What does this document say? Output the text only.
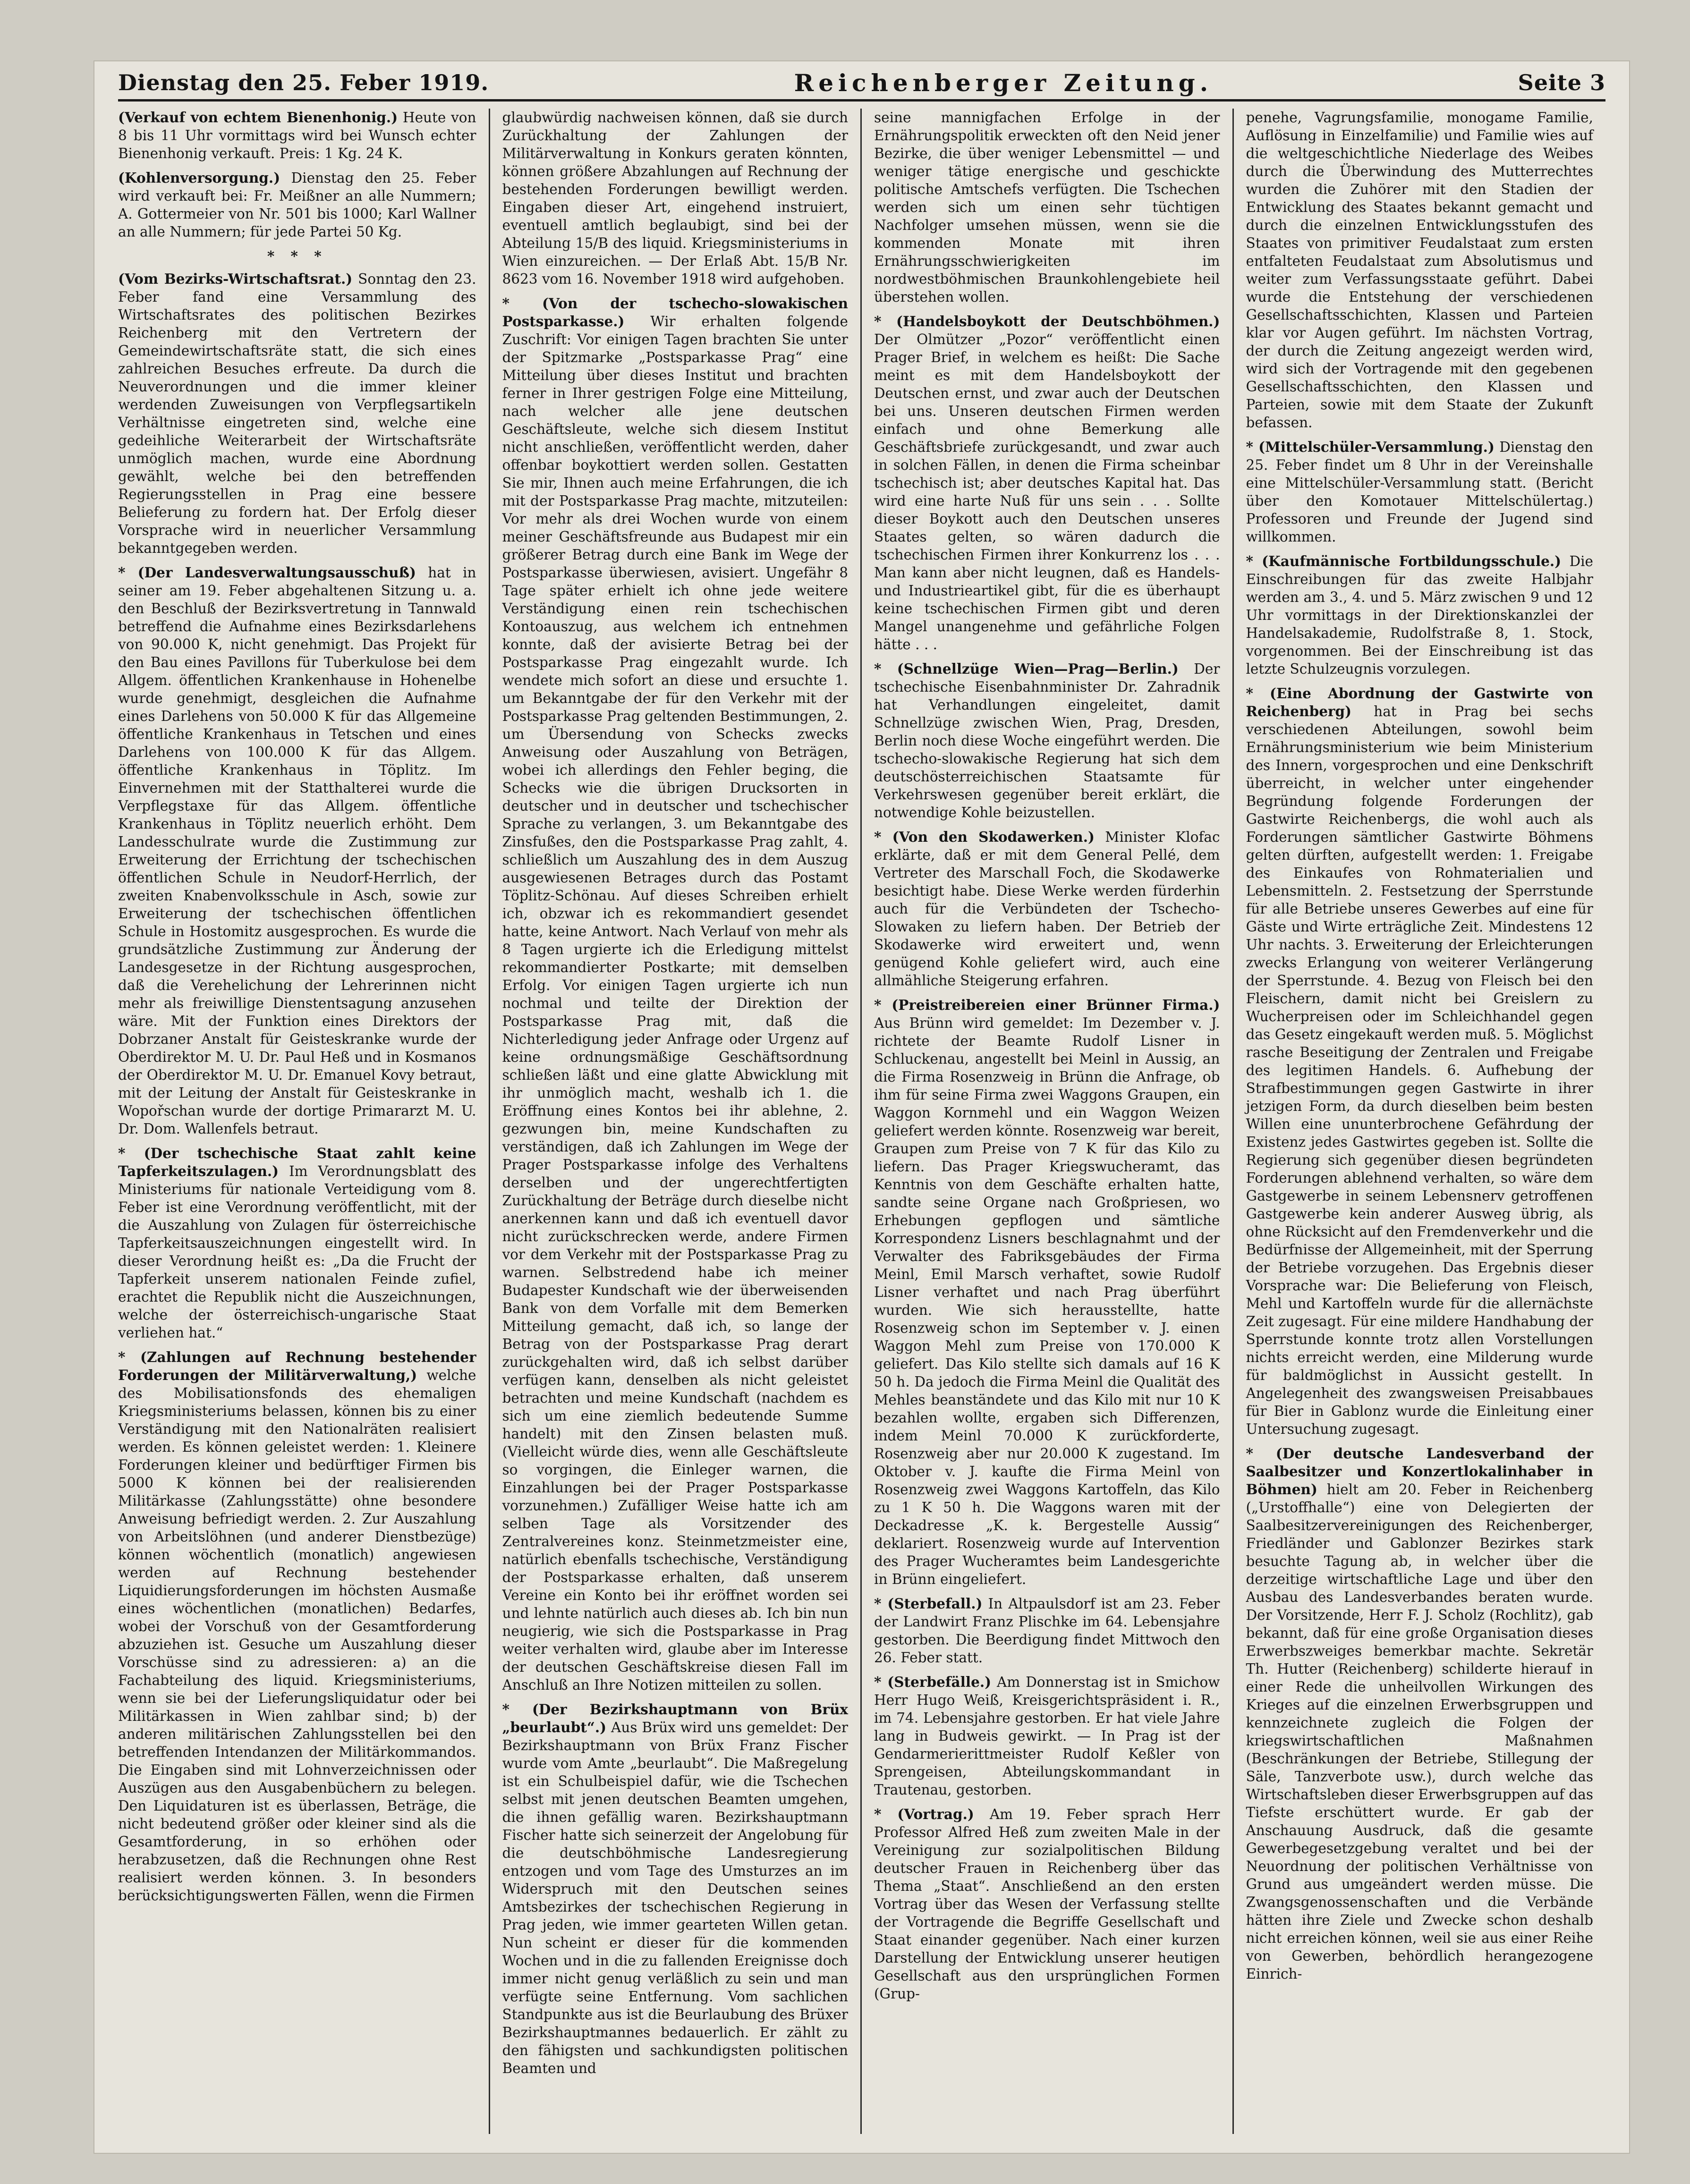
Dienstag den 25. Feber 1919.	Reichenberger Zeitung.	Seite 3

(Verkauf von echtem Bienenhonig.) Heute von 8 bis 11 Uhr vormittags wird bei Wunsch echter Bienenhonig verkauft. Preis: 1 Kg. 24 K.

(Kohlenversorgung.) Dienstag den 25. Feber wird verkauft bei: Fr. Meißner an alle Nummern; A. Gottermeier von Nr. 501 bis 1000; Karl Wallner an alle Nummern; für jede Partei 50 Kg.

* * *

(Vom Bezirks-Wirtschaftsrat.) Sonntag den 23. Feber fand eine Versammlung des Wirtschaftsrates des politischen Bezirkes Reichenberg mit den Vertretern der Gemeindewirtschaftsräte statt, die sich eines zahlreichen Besuches erfreute. Da durch die Neuverordnungen und die immer kleiner werdenden Zuweisungen von Verpflegsartikeln Verhältnisse eingetreten sind, welche eine gedeihliche Weiterarbeit der Wirtschaftsräte unmöglich machen, wurde eine Abordnung gewählt, welche bei den betreffenden Regierungsstellen in Prag eine bessere Belieferung zu fordern hat. Der Erfolg dieser Vorsprache wird in neuerlicher Versammlung bekanntgegeben werden.

* (Der Landesverwaltungsausschuß) hat in seiner am 19. Feber abgehaltenen Sitzung u. a. den Beschluß der Bezirksvertretung in Tannwald betreffend die Aufnahme eines Bezirksdarlehens von 90.000 K, nicht genehmigt. Das Projekt für den Bau eines Pavillons für Tuberkulose bei dem Allgem. öffentlichen Krankenhause in Hohenelbe wurde genehmigt, desgleichen die Aufnahme eines Darlehens von 50.000 K für das Allgemeine öffentliche Krankenhaus in Tetschen und eines Darlehens von 100.000 K für das Allgem. öffentliche Krankenhaus in Töplitz. Im Einvernehmen mit der Statthalterei wurde die Verpflegstaxe für das Allgem. öffentliche Krankenhaus in Töplitz neuerlich erhöht. Dem Landesschulrate wurde die Zustimmung zur Erweiterung der Errichtung der tschechischen öffentlichen Schule in Neudorf-Herrlich, der zweiten Knabenvolksschule in Asch, sowie zur Erweiterung der tschechischen öffentlichen Schule in Hostomitz ausgesprochen. Es wurde die grundsätzliche Zustimmung zur Änderung der Landesgesetze in der Richtung ausgesprochen, daß die Verehelichung der Lehrerinnen nicht mehr als freiwillige Dienstentsagung anzusehen wäre. Mit der Funktion eines Direktors der Dobrzaner Anstalt für Geisteskranke wurde der Oberdirektor M. U. Dr. Paul Heß und in Kosmanos der Oberdirektor M. U. Dr. Emanuel Kovy betraut, mit der Leitung der Anstalt für Geisteskranke in Wopořschan wurde der dortige Primararzt M. U. Dr. Dom. Wallenfels betraut.

* (Der tschechische Staat zahlt keine Tapferkeitszulagen.) Im Verordnungsblatt des Ministeriums für nationale Verteidigung vom 8. Feber ist eine Verordnung veröffentlicht, mit der die Auszahlung von Zulagen für österreichische Tapferkeitsauszeichnungen eingestellt wird. In dieser Verordnung heißt es: „Da die Frucht der Tapferkeit unserem nationalen Feinde zufiel, erachtet die Republik nicht die Auszeichnungen, welche der österreichisch-ungarische Staat verliehen hat.“

* (Zahlungen auf Rechnung bestehender Forderungen der Militärverwaltung,) welche des Mobilisationsfonds des ehemaligen Kriegsministeriums belassen, können bis zu einer Verständigung mit den Nationalräten realisiert werden. Es können geleistet werden: 1. Kleinere Forderungen kleiner und bedürftiger Firmen bis 5000 K können bei der realisierenden Militärkasse (Zahlungsstätte) ohne besondere Anweisung befriedigt werden. 2. Zur Auszahlung von Arbeitslöhnen (und anderer Dienstbezüge) können wöchentlich (monatlich) angewiesen werden auf Rechnung bestehender Liquidierungsforderungen im höchsten Ausmaße eines wöchentlichen (monatlichen) Bedarfes, wobei der Vorschuß von der Gesamtforderung abzuziehen ist. Gesuche um Auszahlung dieser Vorschüsse sind zu adressieren: a) an die Fachabteilung des liquid. Kriegsministeriums, wenn sie bei der Lieferungsliquidatur oder bei Militärkassen in Wien zahlbar sind; b) der anderen militärischen Zahlungsstellen bei den betreffenden Intendanzen der Militärkommandos. Die Eingaben sind mit Lohnverzeichnissen oder Auszügen aus den Ausgabenbüchern zu belegen. Den Liquidaturen ist es überlassen, Beträge, die nicht bedeutend größer oder kleiner sind als die Gesamtforderung, in so erhöhen oder herabzusetzen, daß die Rechnungen ohne Rest realisiert werden können. 3. In besonders berücksichtigungswerten Fällen, wenn die Firmen

glaubwürdig nachweisen können, daß sie durch Zurückhaltung der Zahlungen der Militärverwaltung in Konkurs geraten könnten, können größere Abzahlungen auf Rechnung der bestehenden Forderungen bewilligt werden. Eingaben dieser Art, eingehend instruiert, eventuell amtlich beglaubigt, sind bei der Abteilung 15/B des liquid. Kriegsministeriums in Wien einzureichen. — Der Erlaß Abt. 15/B Nr. 8623 vom 16. November 1918 wird aufgehoben.

* (Von der tschecho-slowakischen Postsparkasse.) Wir erhalten folgende Zuschrift: Vor einigen Tagen brachten Sie unter der Spitzmarke „Postsparkasse Prag“ eine Mitteilung über dieses Institut und brachten ferner in Ihrer gestrigen Folge eine Mitteilung, nach welcher alle jene deutschen Geschäftsleute, welche sich diesem Institut nicht anschließen, veröffentlicht werden, daher offenbar boykottiert werden sollen. Gestatten Sie mir, Ihnen auch meine Erfahrungen, die ich mit der Postsparkasse Prag machte, mitzuteilen: Vor mehr als drei Wochen wurde von einem meiner Geschäftsfreunde aus Budapest mir ein größerer Betrag durch eine Bank im Wege der Postsparkasse überwiesen, avisiert. Ungefähr 8 Tage später erhielt ich ohne jede weitere Verständigung einen rein tschechischen Kontoauszug, aus welchem ich entnehmen konnte, daß der avisierte Betrag bei der Postsparkasse Prag eingezahlt wurde. Ich wendete mich sofort an diese und ersuchte 1. um Bekanntgabe der für den Verkehr mit der Postsparkasse Prag geltenden Bestimmungen, 2. um Übersendung von Schecks zwecks Anweisung oder Auszahlung von Beträgen, wobei ich allerdings den Fehler beging, die Schecks wie die übrigen Drucksorten in deutscher und in deutscher und tschechischer Sprache zu verlangen, 3. um Bekanntgabe des Zinsfußes, den die Postsparkasse Prag zahlt, 4. schließlich um Auszahlung des in dem Auszug ausgewiesenen Betrages durch das Postamt Töplitz-Schönau. Auf dieses Schreiben erhielt ich, obzwar ich es rekommandiert gesendet hatte, keine Antwort. Nach Verlauf von mehr als 8 Tagen urgierte ich die Erledigung mittelst rekommandierter Postkarte; mit demselben Erfolg. Vor einigen Tagen urgierte ich nun nochmal und teilte der Direktion der Postsparkasse Prag mit, daß die Nichterledigung jeder Anfrage oder Urgenz auf keine ordnungsmäßige Geschäftsordnung schließen läßt und eine glatte Abwicklung mit ihr unmöglich macht, weshalb ich 1. die Eröffnung eines Kontos bei ihr ablehne, 2. gezwungen bin, meine Kundschaften zu verständigen, daß ich Zahlungen im Wege der Prager Postsparkasse infolge des Verhaltens derselben und der ungerechtfertigten Zurückhaltung der Beträge durch dieselbe nicht anerkennen kann und daß ich eventuell davor nicht zurückschrecken werde, andere Firmen vor dem Verkehr mit der Postsparkasse Prag zu warnen. Selbstredend habe ich meiner Budapester Kundschaft wie der überweisenden Bank von dem Vorfalle mit dem Bemerken Mitteilung gemacht, daß ich, so lange der Betrag von der Postsparkasse Prag derart zurückgehalten wird, daß ich selbst darüber verfügen kann, denselben als nicht geleistet betrachten und meine Kundschaft (nachdem es sich um eine ziemlich bedeutende Summe handelt) mit den Zinsen belasten muß. (Vielleicht würde dies, wenn alle Geschäftsleute so vorgingen, die Einleger warnen, die Einzahlungen bei der Prager Postsparkasse vorzunehmen.) Zufälliger Weise hatte ich am selben Tage als Vorsitzender des Zentralvereines konz. Steinmetzmeister eine, natürlich ebenfalls tschechische, Verständigung der Postsparkasse erhalten, daß unserem Vereine ein Konto bei ihr eröffnet worden sei und lehnte natürlich auch dieses ab. Ich bin nun neugierig, wie sich die Postsparkasse in Prag weiter verhalten wird, glaube aber im Interesse der deutschen Geschäftskreise diesen Fall im Anschluß an Ihre Notizen mitteilen zu sollen.

* (Der Bezirkshauptmann von Brüx „beurlaubt“.) Aus Brüx wird uns gemeldet: Der Bezirkshauptmann von Brüx Franz Fischer wurde vom Amte „beurlaubt“. Die Maßregelung ist ein Schulbeispiel dafür, wie die Tschechen selbst mit jenen deutschen Beamten umgehen, die ihnen gefällig waren. Bezirkshauptmann Fischer hatte sich seinerzeit der Angelobung für die deutschböhmische Landesregierung entzogen und vom Tage des Umsturzes an im Widerspruch mit den Deutschen seines Amtsbezirkes der tschechischen Regierung in Prag jeden, wie immer gearteten Willen getan. Nun scheint er dieser für die kommenden Wochen und in die zu fallenden Ereignisse doch immer nicht genug verläßlich zu sein und man verfügte seine Entfernung. Vom sachlichen Standpunkte aus ist die Beurlaubung des Brüxer Bezirkshauptmannes bedauerlich. Er zählt zu den fähigsten und sachkundigsten politischen Beamten und

seine mannigfachen Erfolge in der Ernährungspolitik erweckten oft den Neid jener Bezirke, die über weniger Lebensmittel — und weniger tätige energische und geschickte politische Amtschefs verfügten. Die Tschechen werden sich um einen sehr tüchtigen Nachfolger umsehen müssen, wenn sie die kommenden Monate mit ihren Ernährungsschwierigkeiten im nordwestböhmischen Braunkohlengebiete heil überstehen wollen.

* (Handelsboykott der Deutschböhmen.) Der Olmützer „Pozor“ veröffentlicht einen Prager Brief, in welchem es heißt: Die Sache meint es mit dem Handelsboykott der Deutschen ernst, und zwar auch der Deutschen bei uns. Unseren deutschen Firmen werden einfach und ohne Bemerkung alle Geschäftsbriefe zurückgesandt, und zwar auch in solchen Fällen, in denen die Firma scheinbar tschechisch ist; aber deutsches Kapital hat. Das wird eine harte Nuß für uns sein . . . Sollte dieser Boykott auch den Deutschen unseres Staates gelten, so wären dadurch die tschechischen Firmen ihrer Konkurrenz los . . . Man kann aber nicht leugnen, daß es Handels- und Industrieartikel gibt, für die es überhaupt keine tschechischen Firmen gibt und deren Mangel unangenehme und gefährliche Folgen hätte . . .

* (Schnellzüge Wien—Prag—Berlin.) Der tschechische Eisenbahnminister Dr. Zahradnik hat Verhandlungen eingeleitet, damit Schnellzüge zwischen Wien, Prag, Dresden, Berlin noch diese Woche eingeführt werden. Die tschecho-slowakische Regierung hat sich dem deutschösterreichischen Staatsamte für Verkehrswesen gegenüber bereit erklärt, die notwendige Kohle beizustellen.

* (Von den Skodawerken.) Minister Klofac erklärte, daß er mit dem General Pellé, dem Vertreter des Marschall Foch, die Skodawerke besichtigt habe. Diese Werke werden fürderhin auch für die Verbündeten der Tschecho-Slowaken zu liefern haben. Der Betrieb der Skodawerke wird erweitert und, wenn genügend Kohle geliefert wird, auch eine allmähliche Steigerung erfahren.

* (Preistreibereien einer Brünner Firma.) Aus Brünn wird gemeldet: Im Dezember v. J. richtete der Beamte Rudolf Lisner in Schluckenau, angestellt bei Meinl in Aussig, an die Firma Rosenzweig in Brünn die Anfrage, ob ihm für seine Firma zwei Waggons Graupen, ein Waggon Kornmehl und ein Waggon Weizen geliefert werden könnte. Rosenzweig war bereit, Graupen zum Preise von 7 K für das Kilo zu liefern. Das Prager Kriegswucheramt, das Kenntnis von dem Geschäfte erhalten hatte, sandte seine Organe nach Großpriesen, wo Erhebungen gepflogen und sämtliche Korrespondenz Lisners beschlagnahmt und der Verwalter des Fabriksgebäudes der Firma Meinl, Emil Marsch verhaftet, sowie Rudolf Lisner verhaftet und nach Prag überführt wurden. Wie sich herausstellte, hatte Rosenzweig schon im September v. J. einen Waggon Mehl zum Preise von 170.000 K geliefert. Das Kilo stellte sich damals auf 16 K 50 h. Da jedoch die Firma Meinl die Qualität des Mehles beanständete und das Kilo mit nur 10 K bezahlen wollte, ergaben sich Differenzen, indem Meinl 70.000 K zurückforderte, Rosenzweig aber nur 20.000 K zugestand. Im Oktober v. J. kaufte die Firma Meinl von Rosenzweig zwei Waggons Kartoffeln, das Kilo zu 1 K 50 h. Die Waggons waren mit der Deckadresse „K. k. Bergestelle Aussig“ deklariert. Rosenzweig wurde auf Intervention des Prager Wucheramtes beim Landesgerichte in Brünn eingeliefert.

* (Sterbefall.) In Altpaulsdorf ist am 23. Feber der Landwirt Franz Plischke im 64. Lebensjahre gestorben. Die Beerdigung findet Mittwoch den 26. Feber statt.

* (Sterbefälle.) Am Donnerstag ist in Smichow Herr Hugo Weiß, Kreisgerichtspräsident i. R., im 74. Lebensjahre gestorben. Er hat viele Jahre lang in Budweis gewirkt. — In Prag ist der Gendarmerierittmeister Rudolf Keßler von Sprengeisen, Abteilungskommandant in Trautenau, gestorben.

* (Vortrag.) Am 19. Feber sprach Herr Professor Alfred Heß zum zweiten Male in der Vereinigung zur sozialpolitischen Bildung deutscher Frauen in Reichenberg über das Thema „Staat“. Anschließend an den ersten Vortrag über das Wesen der Verfassung stellte der Vortragende die Begriffe Gesellschaft und Staat einander gegenüber. Nach einer kurzen Darstellung der Entwicklung unserer heutigen Gesellschaft aus den ursprünglichen Formen (Grup-

penehe, Vagrungsfamilie, monogame Familie, Auflösung in Einzelfamilie) und Familie wies auf die weltgeschichtliche Niederlage des Weibes durch die Überwindung des Mutterrechtes wurden die Zuhörer mit den Stadien der Entwicklung des Staates bekannt gemacht und durch die einzelnen Entwicklungsstufen des Staates von primitiver Feudalstaat zum ersten entfalteten Feudalstaat zum Absolutismus und weiter zum Verfassungsstaate geführt. Dabei wurde die Entstehung der verschiedenen Gesellschaftsschichten, Klassen und Parteien klar vor Augen geführt. Im nächsten Vortrag, der durch die Zeitung angezeigt werden wird, wird sich der Vortragende mit den gegebenen Gesellschaftsschichten, den Klassen und Parteien, sowie mit dem Staate der Zukunft befassen.

* (Mittelschüler-Versammlung.) Dienstag den 25. Feber findet um 8 Uhr in der Vereinshalle eine Mittelschüler-Versammlung statt. (Bericht über den Komotauer Mittelschülertag.) Professoren und Freunde der Jugend sind willkommen.

* (Kaufmännische Fortbildungsschule.) Die Einschreibungen für das zweite Halbjahr werden am 3., 4. und 5. März zwischen 9 und 12 Uhr vormittags in der Direktionskanzlei der Handelsakademie, Rudolfstraße 8, 1. Stock, vorgenommen. Bei der Einschreibung ist das letzte Schulzeugnis vorzulegen.

* (Eine Abordnung der Gastwirte von Reichenberg) hat in Prag bei sechs verschiedenen Abteilungen, sowohl beim Ernährungsministerium wie beim Ministerium des Innern, vorgesprochen und eine Denkschrift überreicht, in welcher unter eingehender Begründung folgende Forderungen der Gastwirte Reichenbergs, die wohl auch als Forderungen sämtlicher Gastwirte Böhmens gelten dürften, aufgestellt werden: 1. Freigabe des Einkaufes von Rohmaterialien und Lebensmitteln. 2. Festsetzung der Sperrstunde für alle Betriebe unseres Gewerbes auf eine für Gäste und Wirte erträgliche Zeit. Mindestens 12 Uhr nachts. 3. Erweiterung der Erleichterungen zwecks Erlangung von weiterer Verlängerung der Sperrstunde. 4. Bezug von Fleisch bei den Fleischern, damit nicht bei Greislern zu Wucherpreisen oder im Schleichhandel gegen das Gesetz eingekauft werden muß. 5. Möglichst rasche Beseitigung der Zentralen und Freigabe des legitimen Handels. 6. Aufhebung der Strafbestimmungen gegen Gastwirte in ihrer jetzigen Form, da durch dieselben beim besten Willen eine ununterbrochene Gefährdung der Existenz jedes Gastwirtes gegeben ist. Sollte die Regierung sich gegenüber diesen begründeten Forderungen ablehnend verhalten, so wäre dem Gastgewerbe in seinem Lebensnerv getroffenen Gastgewerbe kein anderer Ausweg übrig, als ohne Rücksicht auf den Fremdenverkehr und die Bedürfnisse der Allgemeinheit, mit der Sperrung der Betriebe vorzugehen. Das Ergebnis dieser Vorsprache war: Die Belieferung von Fleisch, Mehl und Kartoffeln wurde für die allernächste Zeit zugesagt. Für eine mildere Handhabung der Sperrstunde konnte trotz allen Vorstellungen nichts erreicht werden, eine Milderung wurde für baldmöglichst in Aussicht gestellt. In Angelegenheit des zwangsweisen Preisabbaues für Bier in Gablonz wurde die Einleitung einer Untersuchung zugesagt.

* (Der deutsche Landesverband der Saalbesitzer und Konzertlokalinhaber in Böhmen) hielt am 20. Feber in Reichenberg („Urstoffhalle“) eine von Delegierten der Saalbesitzervereinigungen des Reichenberger, Friedländer und Gablonzer Bezirkes stark besuchte Tagung ab, in welcher über die derzeitige wirtschaftliche Lage und über den Ausbau des Landesverbandes beraten wurde. Der Vorsitzende, Herr F. J. Scholz (Rochlitz), gab bekannt, daß für eine große Organisation dieses Erwerbszweiges bemerkbar machte. Sekretär Th. Hutter (Reichenberg) schilderte hierauf in einer Rede die unheilvollen Wirkungen des Krieges auf die einzelnen Erwerbsgruppen und kennzeichnete zugleich die Folgen der kriegswirtschaftlichen Maßnahmen (Beschränkungen der Betriebe, Stillegung der Säle, Tanzverbote usw.), durch welche das Wirtschaftsleben dieser Erwerbsgruppen auf das Tiefste erschüttert wurde. Er gab der Anschauung Ausdruck, daß die gesamte Gewerbegesetzgebung veraltet und bei der Neuordnung der politischen Verhältnisse von Grund aus umgeändert werden müsse. Die Zwangsgenossenschaften und die Verbände hätten ihre Ziele und Zwecke schon deshalb nicht erreichen können, weil sie aus einer Reihe von Gewerben, behördlich herangezogene Einrich-
